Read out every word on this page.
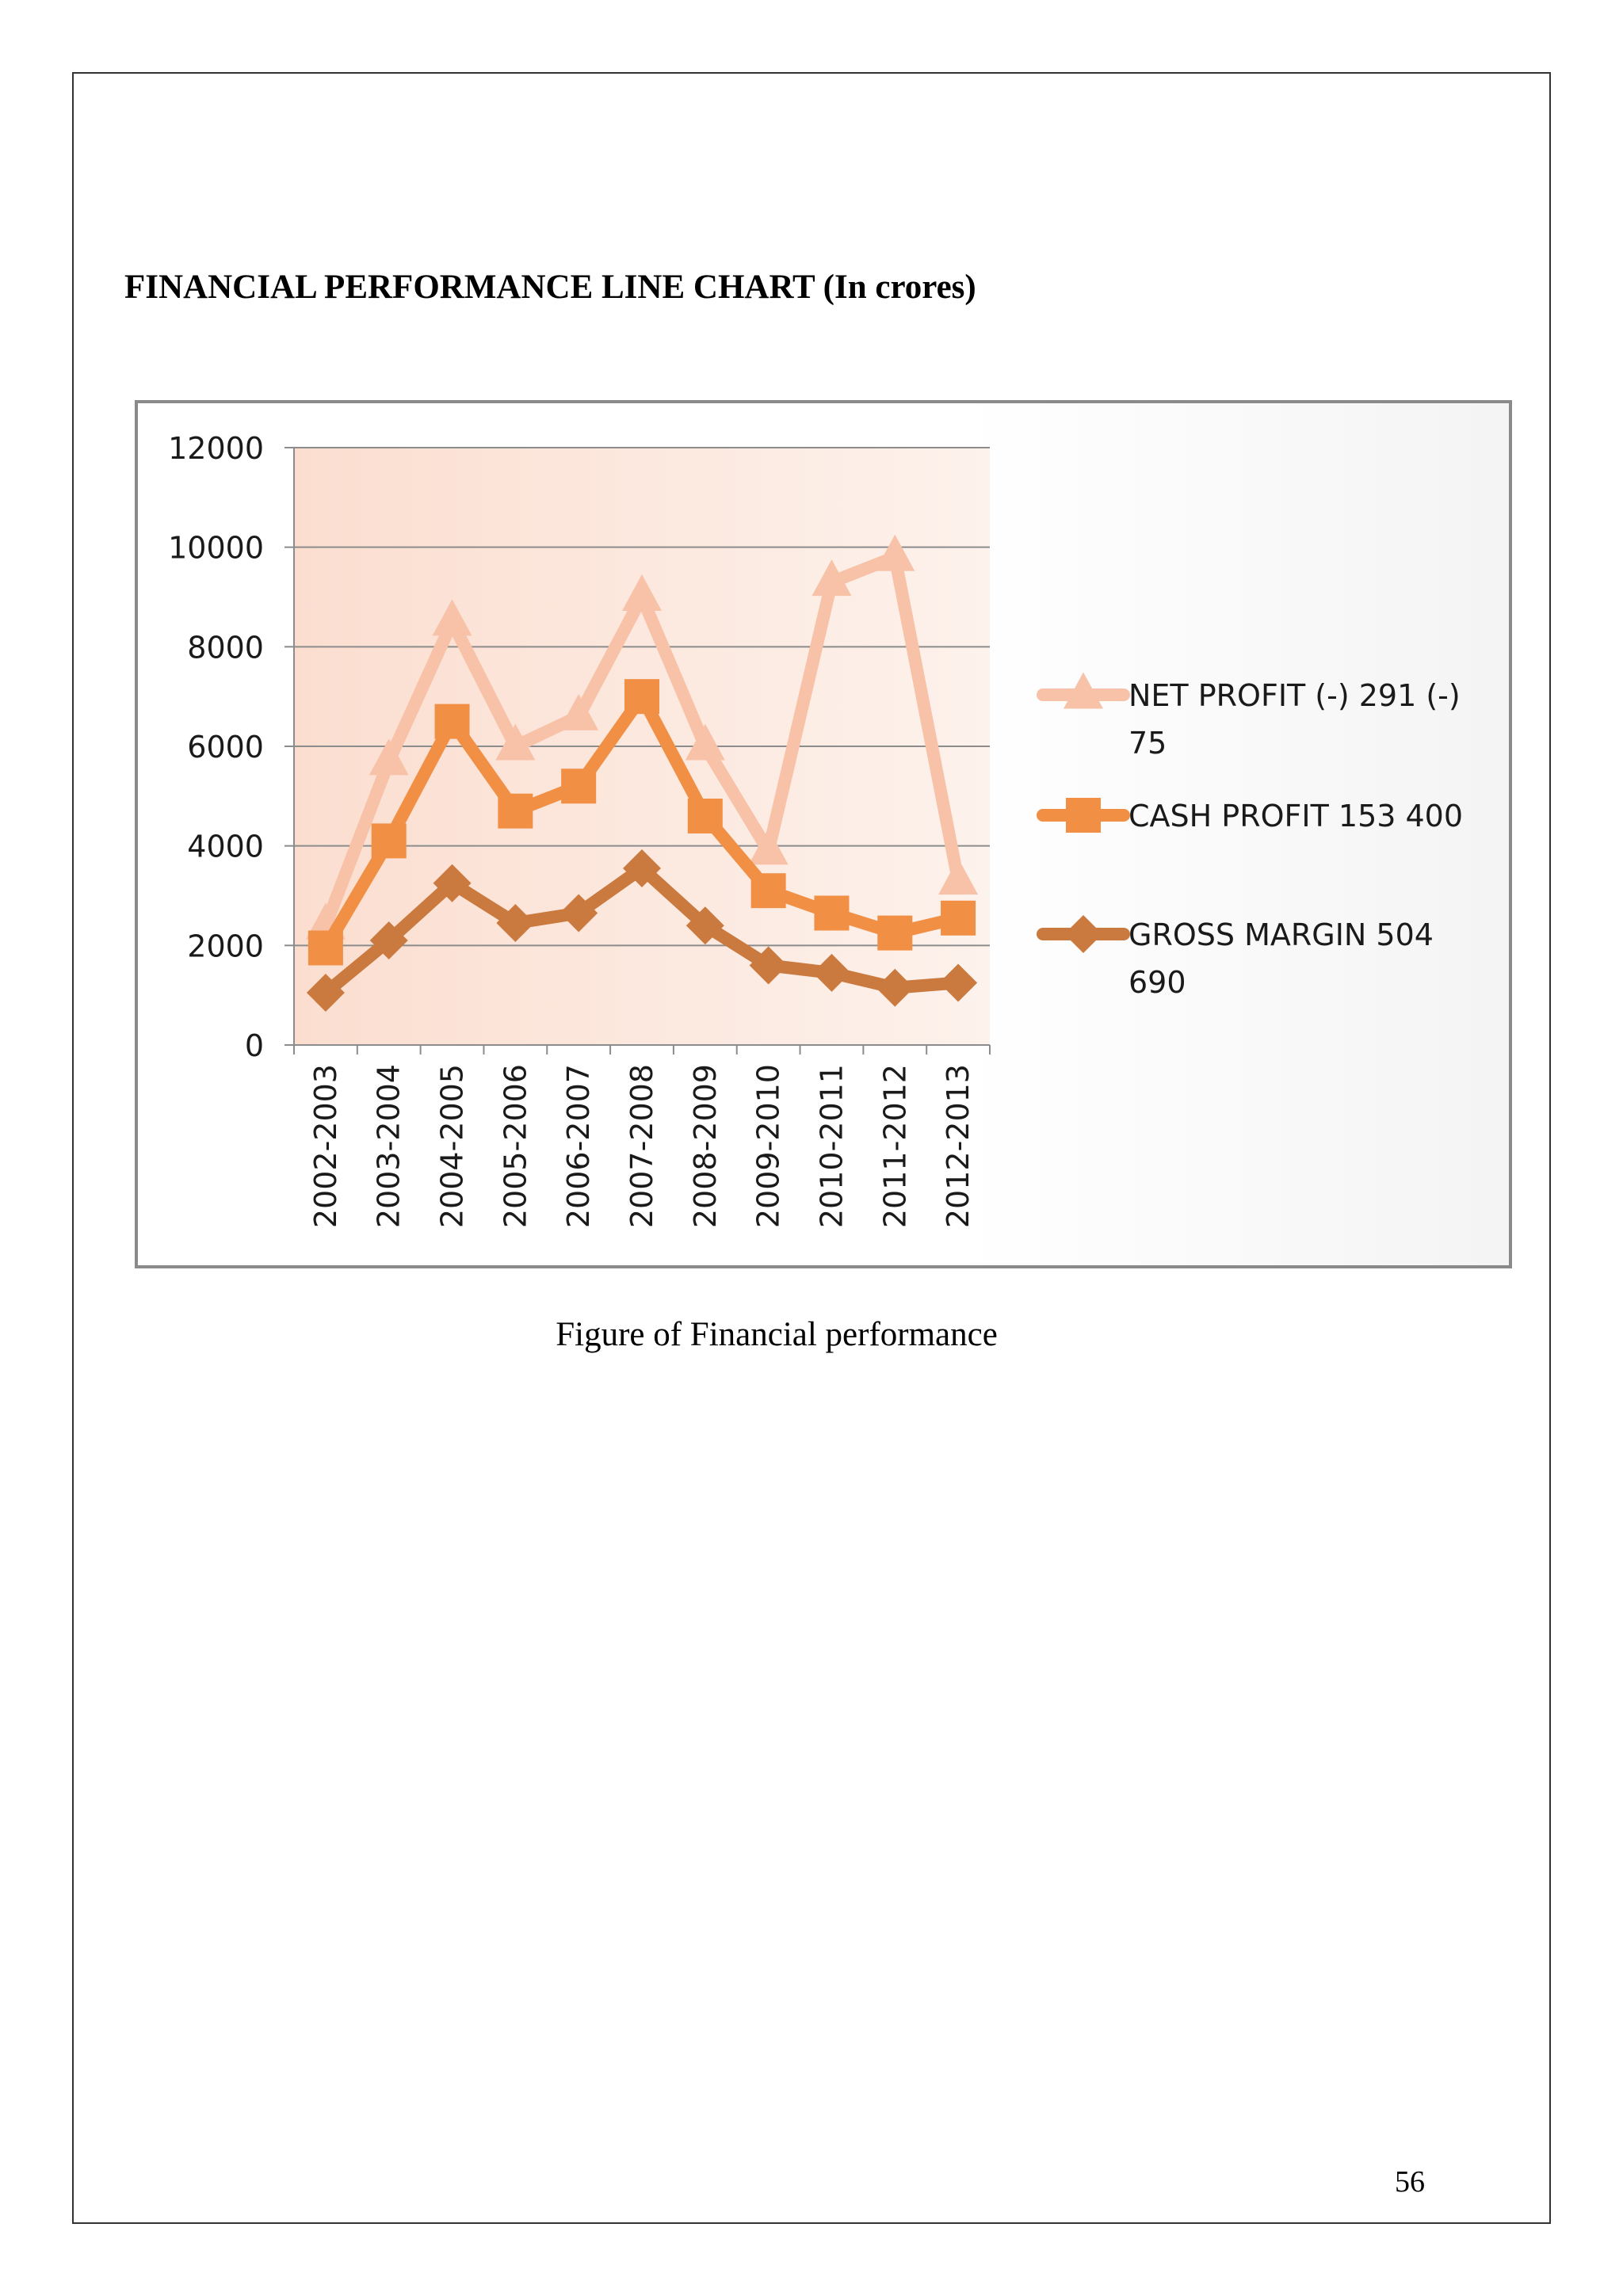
FINANCIAL PERFORMANCE LINE CHART (In crores)
0
2000
4000
6000
8000
10000
12000
2002-2003 2003-2004 2004-2005 2005-2006 2006-2007 2007-2008 2008-2009 2009-2010 2010-2011 2011-2012 2012-2013
NET PROFIT (-) 291 (-)
75
CASH PROFIT 153 400
GROSS MARGIN 504
690
Figure of Financial performance
56
